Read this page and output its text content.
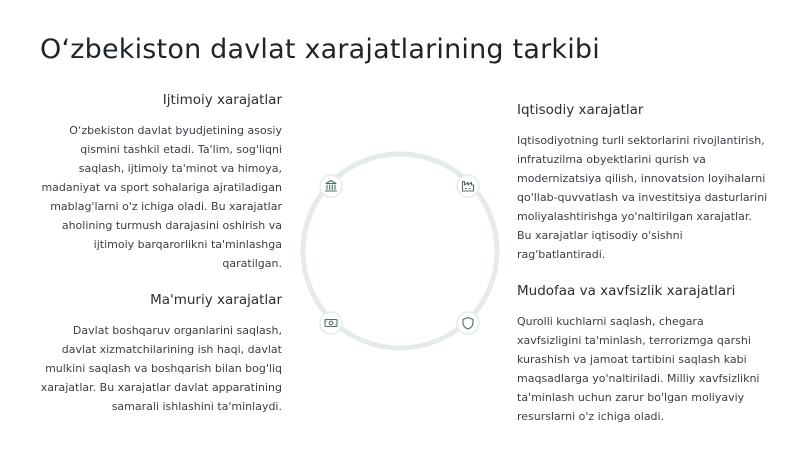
O‘zbekiston davlat xarajatlarining tarkibi
Ijtimoiy xarajatlar
O‘zbekiston davlat byudjetining asosiy qismini tashkil etadi. Ta'lim, sog'liqni saqlash, ijtimoiy ta'minot va himoya, madaniyat va sport sohalariga ajratiladigan mablag'larni o'z ichiga oladi. Bu xarajatlar aholining turmush darajasini oshirish va ijtimoiy barqarorlikni ta'minlashga qaratilgan.
Ma'muriy xarajatlar
Davlat boshqaruv organlarini saqlash, davlat xizmatchilarining ish haqi, davlat mulkini saqlash va boshqarish bilan bog'liq xarajatlar. Bu xarajatlar davlat apparatining samarali ishlashini ta'minlaydi.
Iqtisodiy xarajatlar
Iqtisodiyotning turli sektorlarini rivojlantirish, infratuzilma obyektlarini qurish va modernizatsiya qilish, innovatsion loyihalarni qo'llab-quvvatlash va investitsiya dasturlarini moliyalashtirishga yo'naltirilgan xarajatlar. Bu xarajatlar iqtisodiy o'sishni rag'batlantiradi.
Mudofaa va xavfsizlik xarajatlari
Qurolli kuchlarni saqlash, chegara xavfsizligini ta'minlash, terrorizmga qarshi kurashish va jamoat tartibini saqlash kabi maqsadlarga yo'naltiriladi. Milliy xavfsizlikni ta'minlash uchun zarur bo'lgan moliyaviy resurslarni o'z ichiga oladi.
